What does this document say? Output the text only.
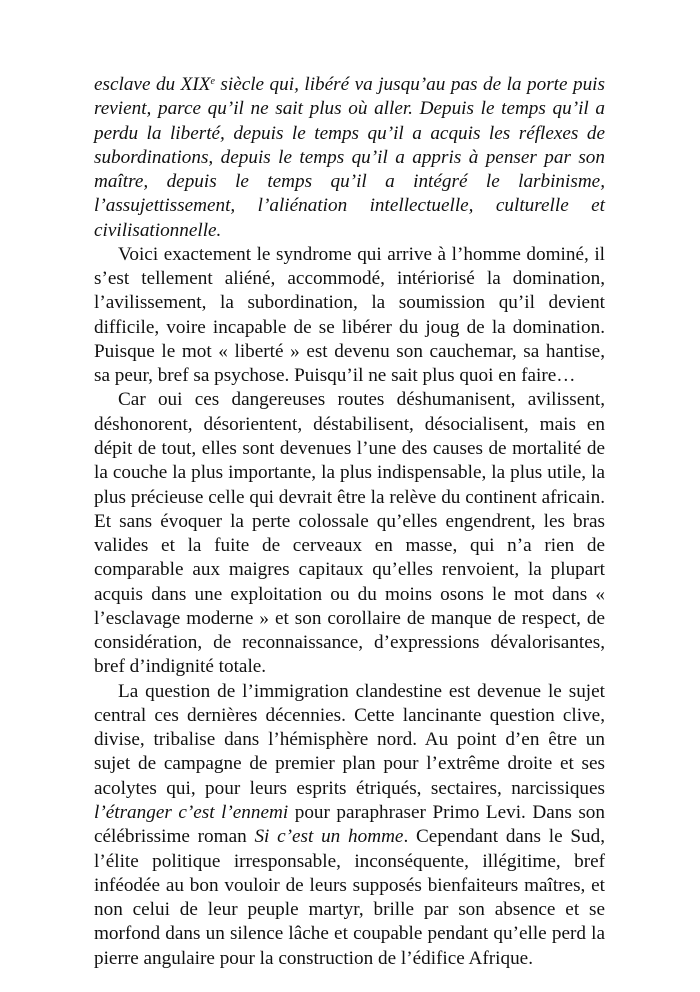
esclave du XIXe siècle qui, libéré va jusqu’au pas de la porte puis revient, parce qu’il ne sait plus où aller. Depuis le temps qu’il a perdu la liberté, depuis le temps qu’il a acquis les réflexes de subordinations, depuis le temps qu’il a appris à penser par son maître, depuis le temps qu’il a intégré le larbinisme, l’assujettissement, l’aliénation intellectuelle, culturelle et civilisationnelle.

Voici exactement le syndrome qui arrive à l’homme dominé, il s’est tellement aliéné, accommodé, intériorisé la domination, l’avilissement, la subordination, la soumission qu’il devient difficile, voire incapable de se libérer du joug de la domination. Puisque le mot « liberté » est devenu son cauchemar, sa hantise, sa peur, bref sa psychose. Puisqu’il ne sait plus quoi en faire…

Car oui ces dangereuses routes déshumanisent, avilissent, déshonorent, désorientent, déstabilisent, désocialisent, mais en dépit de tout, elles sont devenues l’une des causes de mortalité de la couche la plus importante, la plus indispensable, la plus utile, la plus précieuse celle qui devrait être la relève du continent africain. Et sans évoquer la perte colossale qu’elles engendrent, les bras valides et la fuite de cerveaux en masse, qui n’a rien de comparable aux maigres capitaux qu’elles renvoient, la plupart acquis dans une exploitation ou du moins osons le mot dans « l’esclavage moderne » et son corollaire de manque de respect, de considération, de reconnaissance, d’expressions dévalorisantes, bref d’indignité totale.

La question de l’immigration clandestine est devenue le sujet central ces dernières décennies. Cette lancinante question clive, divise, tribalise dans l’hémisphère nord. Au point d’en être un sujet de campagne de premier plan pour l’extrême droite et ses acolytes qui, pour leurs esprits étriqués, sectaires, narcissiques l’étranger c’est l’ennemi pour paraphraser Primo Levi. Dans son célébrissime roman Si c’est un homme. Cependant dans le Sud, l’élite politique irresponsable, inconséquente, illégitime, bref inféodée au bon vouloir de leurs supposés bienfaiteurs maîtres, et non celui de leur peuple martyr, brille par son absence et se morfond dans un silence lâche et coupable pendant qu’elle perd la pierre angulaire pour la construction de l’édifice Afrique.
